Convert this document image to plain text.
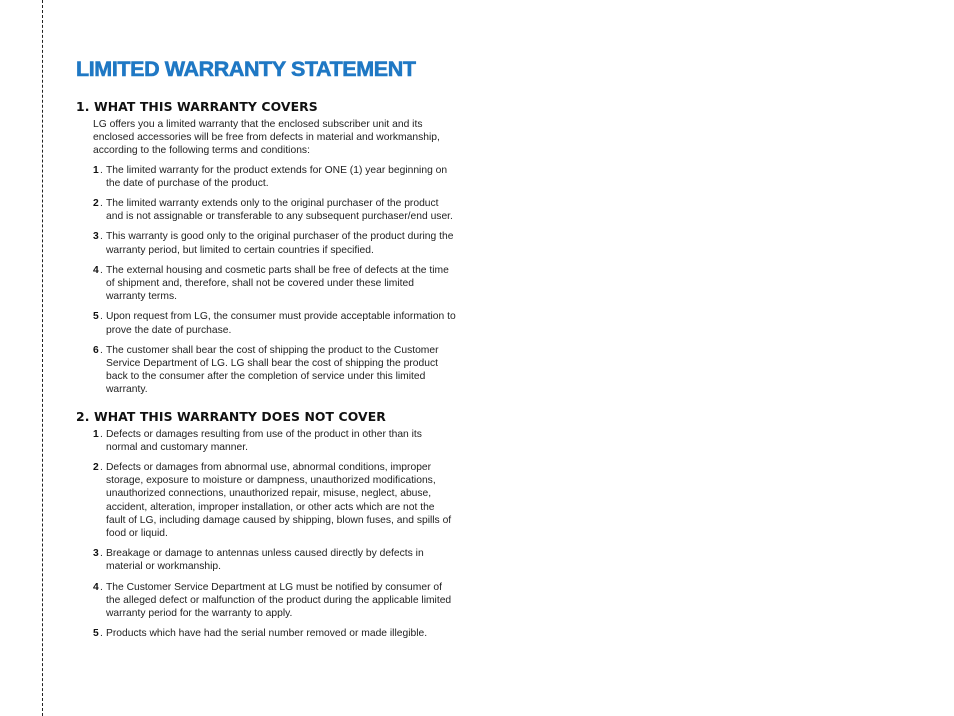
LIMITED WARRANTY STATEMENT
1. WHAT THIS WARRANTY COVERS

LG offers you a limited warranty that the enclosed subscriber unit and its enclosed accessories will be free from defects in material and workmanship, according to the following terms and conditions:

1 The limited warranty for the product extends for ONE (1) year beginning on the date of purchase of the product.
.
2 The limited warranty extends only to the original purchaser of the product and is not assignable or transferable to any subsequent purchaser/end user.
.
3 This warranty is good only to the original purchaser of the product during the warranty period, but limited to certain countries if specified.
.
4 The external housing and cosmetic parts shall be free of defects at the time of shipment and, therefore, shall not be covered under these limited warranty terms.
.
5 Upon request from LG, the consumer must provide acceptable information to prove the date of purchase.
.
6 The customer shall bear the cost of shipping the product to the Customer Service Department of LG. LG shall bear the cost of shipping the product back to the consumer after the completion of service under this limited warranty.
.
2. WHAT THIS WARRANTY DOES NOT COVER
1 Defects or damages resulting from use of the product in other than its normal and customary manner.
.
2 Defects or damages from abnormal use, abnormal conditions, improper storage, exposure to moisture or dampness, unauthorized modifications, unauthorized connections, unauthorized repair, misuse, neglect, abuse, accident, alteration, improper installation, or other acts which are not the fault of LG, including damage caused by shipping, blown fuses, and spills of food or liquid.
.
3 Breakage or damage to antennas unless caused directly by defects in material or workmanship.
.
4 The Customer Service Department at LG must be notified by consumer of the alleged defect or malfunction of the product during the applicable limited warranty period for the warranty to apply.
.
5 Products which have had the serial number removed or made illegible.
.
